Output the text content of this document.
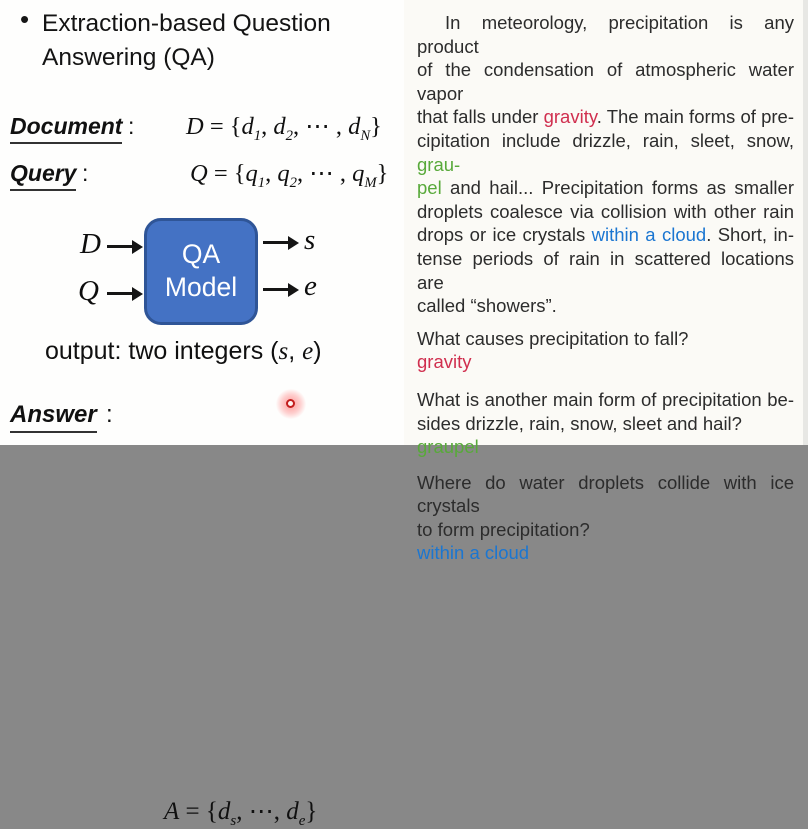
• Extraction-based Question Answering (QA)
Document : $D = \{d_1$, $d_2$, ⋯ , $d_N$}
Query :	$Q = \{q_1$, $q_2$, ⋯ , $q_M$}
D
Q
QA
Model
s
e
output: two integers (s, e)
Answer :
$A = \{d_s$, ⋯, $d_e$}
In meteorology, precipitation is any product
of the condensation of atmospheric water vapor
that falls under gravity. The main forms of pre-
cipitation include drizzle, rain, sleet, snow, grau-
pel and hail... Precipitation forms as smaller
droplets coalesce via collision with other rain
drops or ice crystals within a cloud. Short, in-
tense periods of rain in scattered locations are
called “showers”.
What causes precipitation to fall?
gravity
What is another main form of precipitation be-
sides drizzle, rain, snow, sleet and hail?
graupel
Where do water droplets collide with ice crystals
to form precipitation?
within a cloud
